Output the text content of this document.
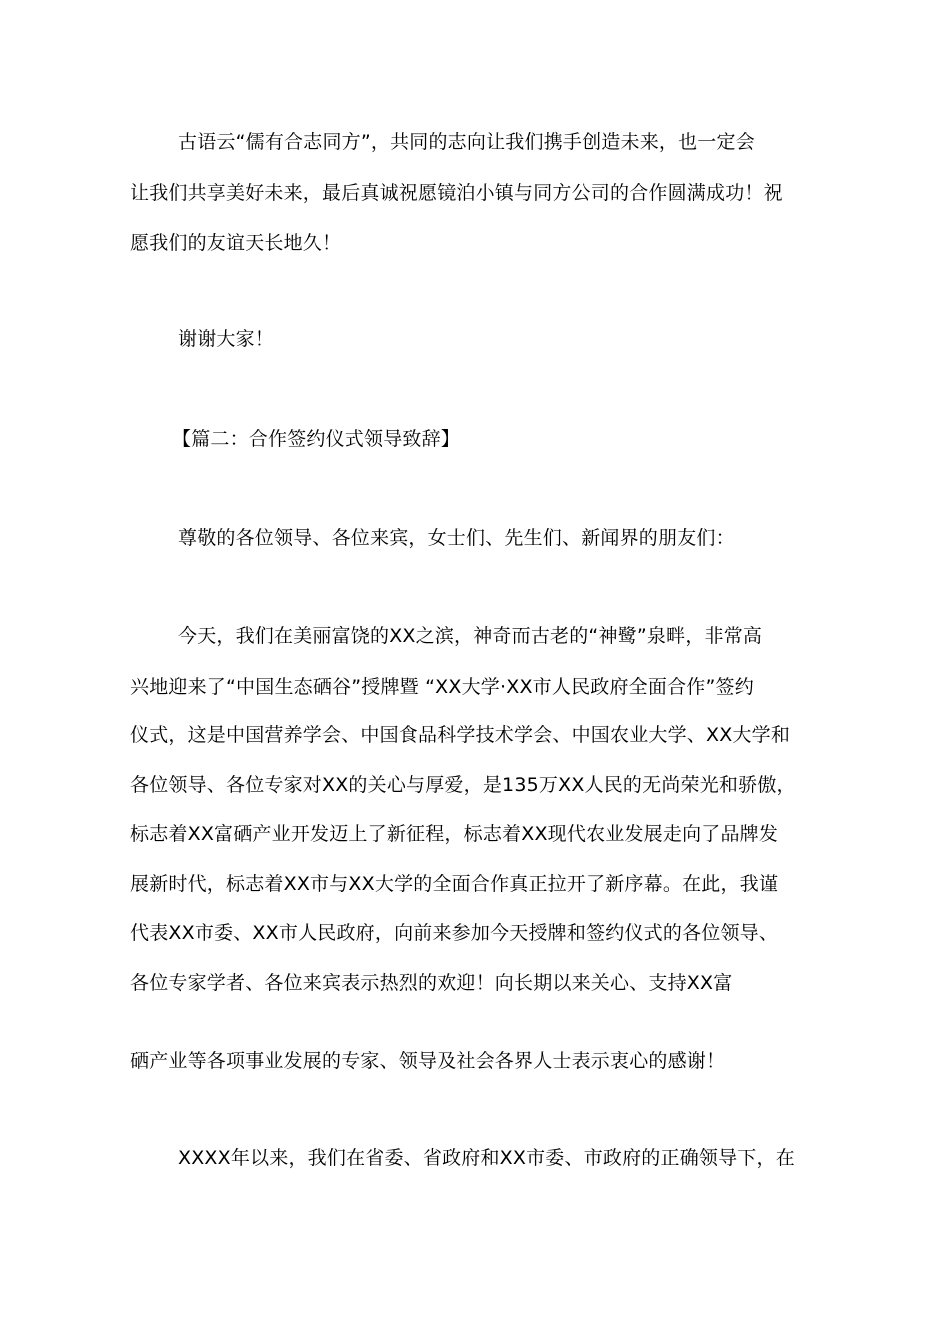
古语云“儒有合志同方”，共同的志向让我们携手创造未来，也一定会
让我们共享美好未来，最后真诚祝愿镜泊小镇与同方公司的合作圆满成功！祝
愿我们的友谊天长地久！
谢谢大家！
【篇二：合作签约仪式领导致辞】
尊敬的各位领导、各位来宾，女士们、先生们、新闻界的朋友们：
今天，我们在美丽富饶的XX之滨，神奇而古老的“神鹭”泉畔，非常高
兴地迎来了“中国生态硒谷”授牌暨 “XX大学·XX市人民政府全面合作”签约
仪式，这是中国营养学会、中国食品科学技术学会、中国农业大学、XX大学和
各位领导、各位专家对XX的关心与厚爱，是135万XX人民的无尚荣光和骄傲，
标志着XX富硒产业开发迈上了新征程，标志着XX现代农业发展走向了品牌发
展新时代，标志着XX市与XX大学的全面合作真正拉开了新序幕。在此，我谨
代表XX市委、XX市人民政府，向前来参加今天授牌和签约仪式的各位领导、
各位专家学者、各位来宾表示热烈的欢迎！向长期以来关心、支持XX富
硒产业等各项事业发展的专家、领导及社会各界人士表示衷心的感谢！
XXXX年以来，我们在省委、省政府和XX市委、市政府的正确领导下，在
